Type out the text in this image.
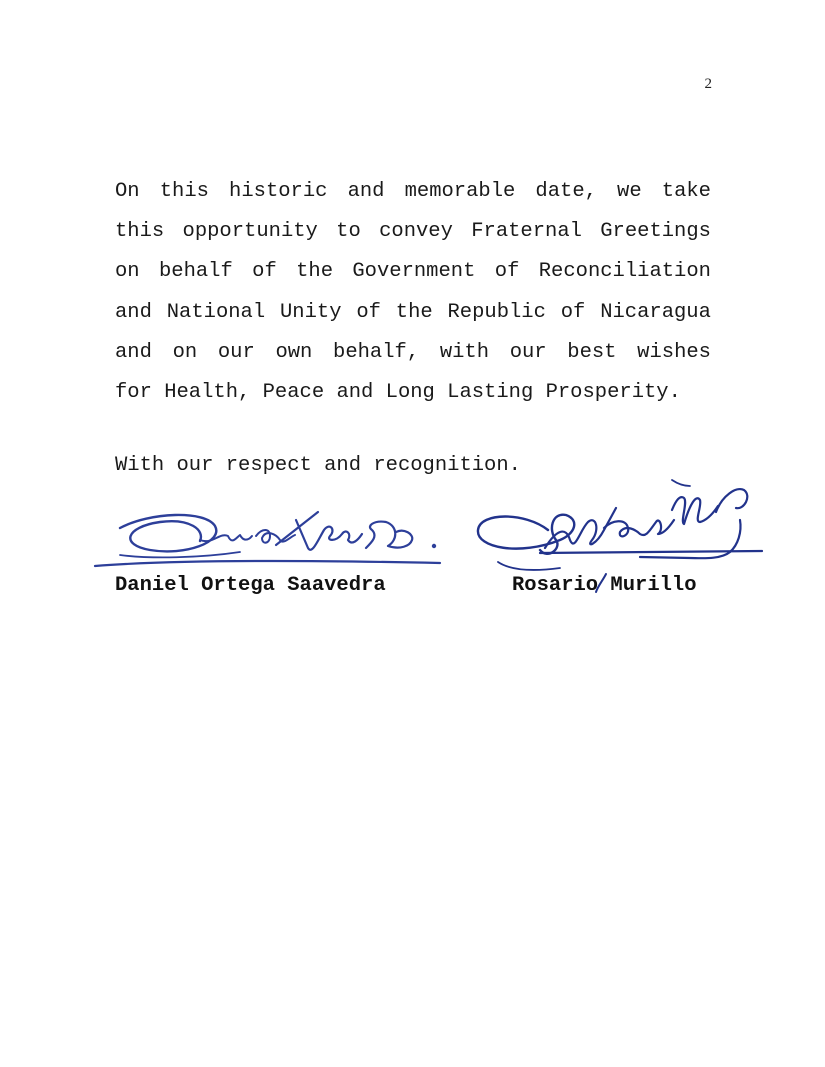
2
On this historic and memorable date, we take
this opportunity to convey Fraternal Greetings
on behalf of the Government of Reconciliation
and National Unity of the Republic of Nicaragua
and on our own behalf, with our best wishes
for Health, Peace and Long Lasting Prosperity.
With our respect and recognition.
Daniel Ortega Saavedra	Rosario Murillo
